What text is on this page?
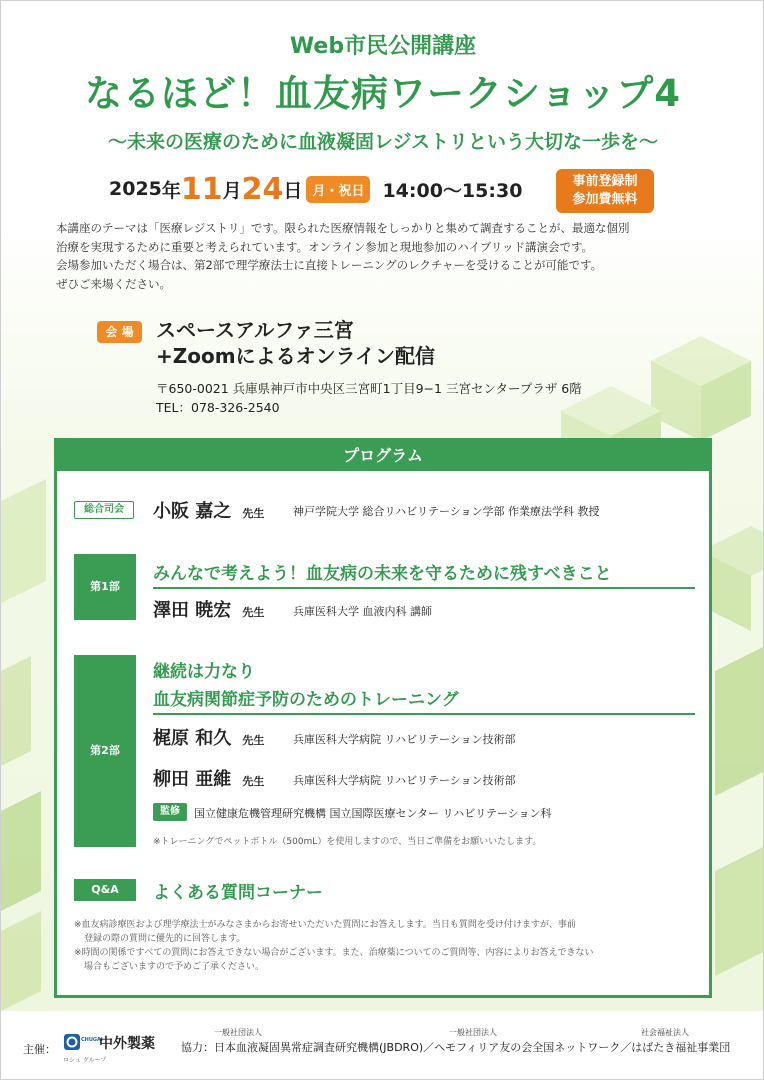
Web市民公開講座
なるほど！血友病ワークショップ4
～未来の医療のために血液凝固レジストリという大切な一歩を～
2025 年 11 月 24 日 月・祝日 14:00～15:30	事前登録制
参加費無料
本講座のテーマは「医療レジストリ」です。限られた医療情報をしっかりと集めて調査することが、最適な個別
治療を実現するために重要と考えられています。オンライン参加と現地参加のハイブリッド講演会です。
会場参加いただく場合は、第2部で理学療法士に直接トレーニングのレクチャーを受けることが可能です。
ぜひご来場ください。
会 場	スペースアルファ三宮
+Zoomによるオンライン配信
〒650-0021 兵庫県神戸市中央区三宮町1丁目9−1 三宮センタープラザ 6階
TEL：078-326-2540
プログラム
総合司会	小阪 嘉之 先生	神戸学院大学 総合リハビリテーション学部 作業療法学科 教授
第1部
みんなで考えよう！血友病の未来を守るために残すべきこと
澤田 暁宏 先生	兵庫医科大学 血液内科 講師
第2部
継続は力なり
血友病関節症予防のためのトレーニング
梶原 和久 先生	兵庫医科大学病院 リハビリテーション技術部
柳田 亜維 先生	兵庫医科大学病院 リハビリテーション技術部
監修	国立健康危機管理研究機構 国立国際医療センター リハビリテーション科
※トレーニングでペットボトル（500mL）を使用しますので、当日ご準備をお願いいたします。
Q&A	よくある質問コーナー
※血友病診療医および理学療法士がみなさまからお寄せいただいた質問にお答えします。当日も質問を受け付けますが、事前
登録の際の質問に優先的に回答します。
※時間の関係ですべての質問にお答えできない場合がございます。また、治療薬についてのご質問等、内容によりお答えできない
場合もございますので予めご了承ください。
主催：
CHUGAI
中外製薬
ロシュ グループ
一般社団法人	一般社団法人	社会福祉法人
協力：日本血液凝固異常症調査研究機構(JBDRO)／ヘモフィリア友の会全国ネットワーク／はばたき福祉事業団
